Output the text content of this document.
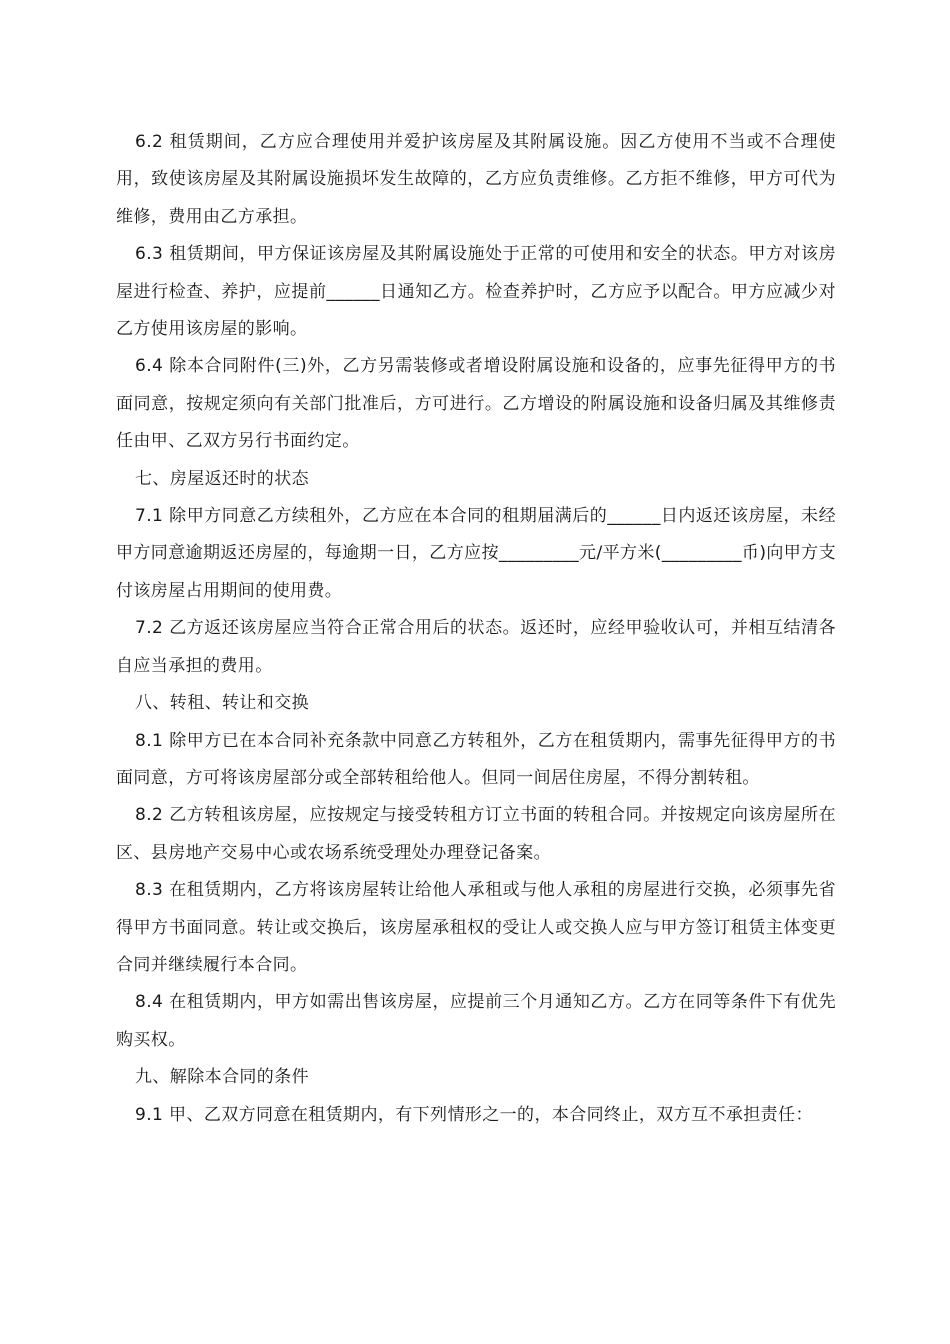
6.2 租赁期间，乙方应合理使用并爱护该房屋及其附属设施。因乙方使用不当或不合理使用，致使该房屋及其附属设施损坏发生故障的，乙方应负责维修。乙方拒不维修，甲方可代为维修，费用由乙方承担。

6.3 租赁期间，甲方保证该房屋及其附属设施处于正常的可使用和安全的状态。甲方对该房屋进行检查、养护，应提前______日通知乙方。检查养护时，乙方应予以配合。甲方应减少对乙方使用该房屋的影响。

6.4 除本合同附件(三)外，乙方另需装修或者增设附属设施和设备的，应事先征得甲方的书面同意，按规定须向有关部门批准后，方可进行。乙方增设的附属设施和设备归属及其维修责任由甲、乙双方另行书面约定。

七、房屋返还时的状态

7.1 除甲方同意乙方续租外，乙方应在本合同的租期届满后的______日内返还该房屋，未经甲方同意逾期返还房屋的，每逾期一日，乙方应按_________元/平方米(_________币)向甲方支付该房屋占用期间的使用费。

7.2 乙方返还该房屋应当符合正常合用后的状态。返还时，应经甲验收认可，并相互结清各自应当承担的费用。

八、转租、转让和交换

8.1 除甲方已在本合同补充条款中同意乙方转租外，乙方在租赁期内，需事先征得甲方的书面同意，方可将该房屋部分或全部转租给他人。但同一间居住房屋，不得分割转租。

8.2 乙方转租该房屋，应按规定与接受转租方订立书面的转租合同。并按规定向该房屋所在区、县房地产交易中心或农场系统受理处办理登记备案。

8.3 在租赁期内，乙方将该房屋转让给他人承租或与他人承租的房屋进行交换，必须事先省得甲方书面同意。转让或交换后，该房屋承租权的受让人或交换人应与甲方签订租赁主体变更合同并继续履行本合同。

8.4 在租赁期内，甲方如需出售该房屋，应提前三个月通知乙方。乙方在同等条件下有优先购买权。

九、解除本合同的条件

9.1 甲、乙双方同意在租赁期内，有下列情形之一的，本合同终止，双方互不承担责任：
